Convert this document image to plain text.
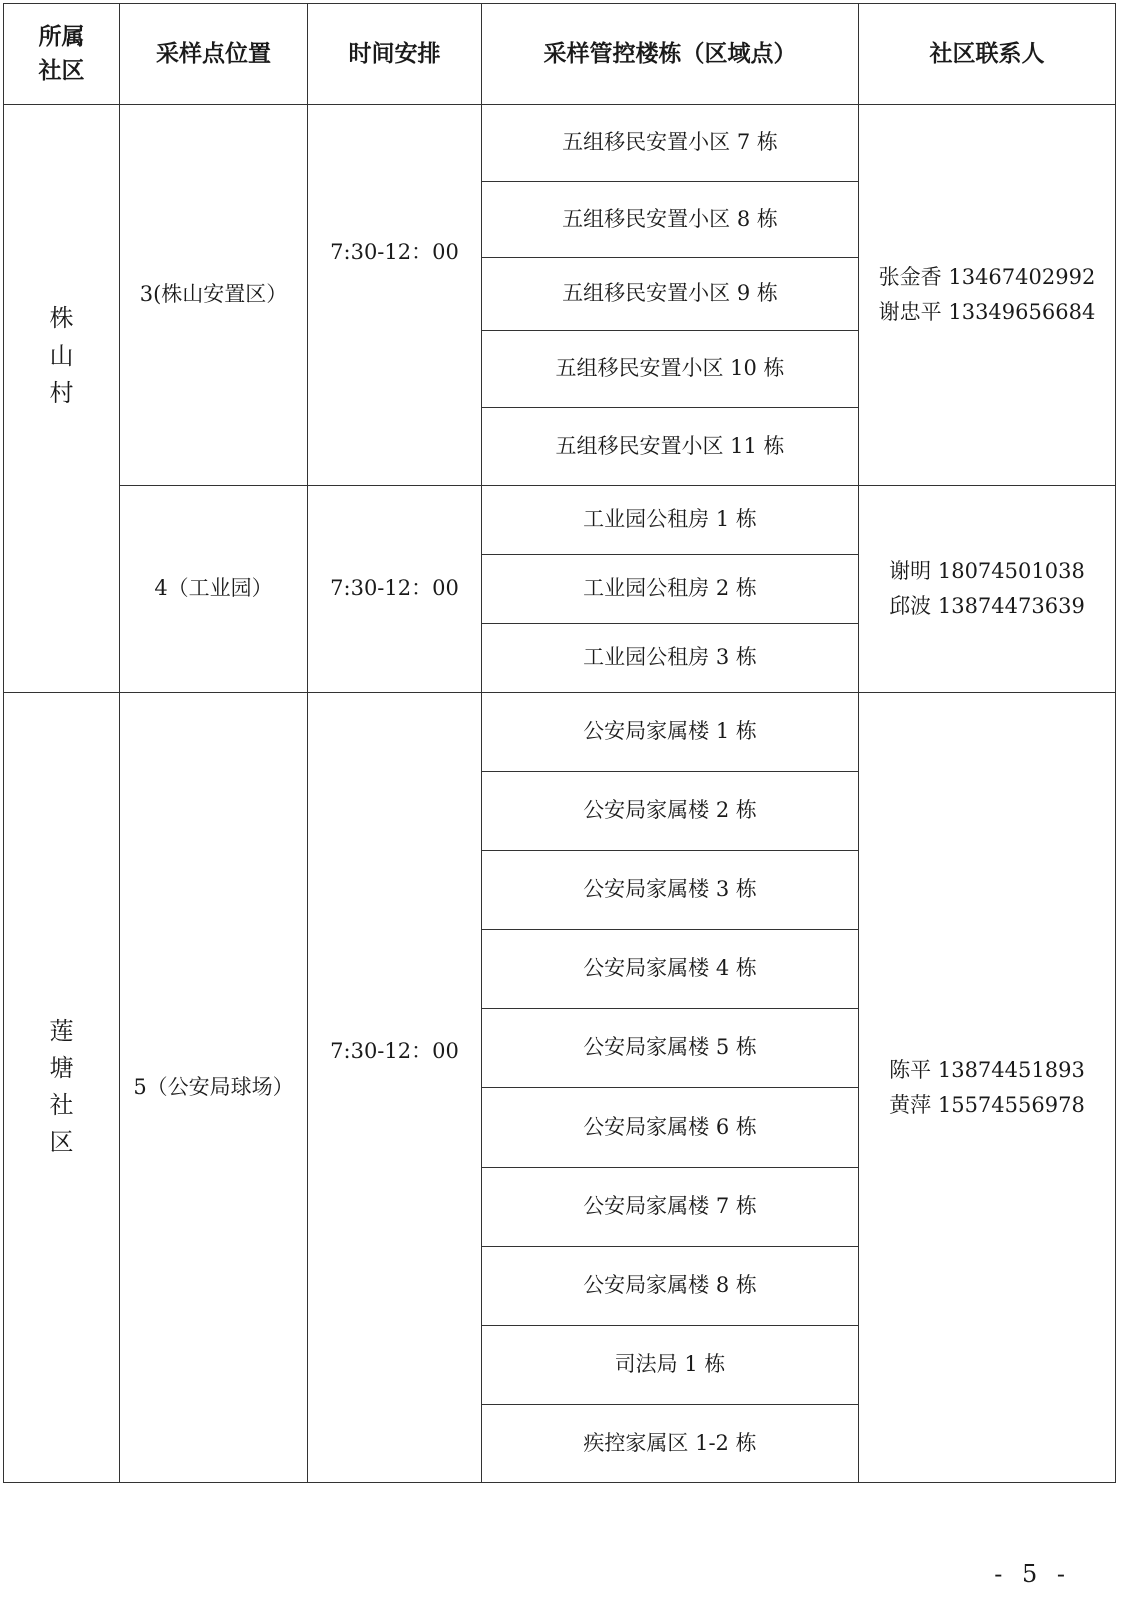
所属
社区	采样点位置	时间安排	采样管控楼栋（区域点）	社区联系人

株
山
村	3(株山安置区）	7:30-12：00	五组移民安置小区 7 栋	张金香 13467402992
谢忠平 13349656684

			五组移民安置小区 8 栋	
			五组移民安置小区 9 栋	
			五组移民安置小区 10 栋	
			五组移民安置小区 11 栋	
	4（工业园）	7:30-12：00	工业园公租房 1 栋	谢明 18074501038
邱波 13874473639

			工业园公租房 2 栋	
			工业园公租房 3 栋	

莲
塘
社
区	5（公安局球场）	7:30-12：00	公安局家属楼 1 栋	陈平 13874451893
黄萍 15574556978

			公安局家属楼 2 栋	
			公安局家属楼 3 栋	
			公安局家属楼 4 栋	
			公安局家属楼 5 栋	
			公安局家属楼 6 栋	
			公安局家属楼 7 栋	
			公安局家属楼 8 栋	
			司法局 1 栋	
			疾控家属区 1-2 栋	
- 5 -
